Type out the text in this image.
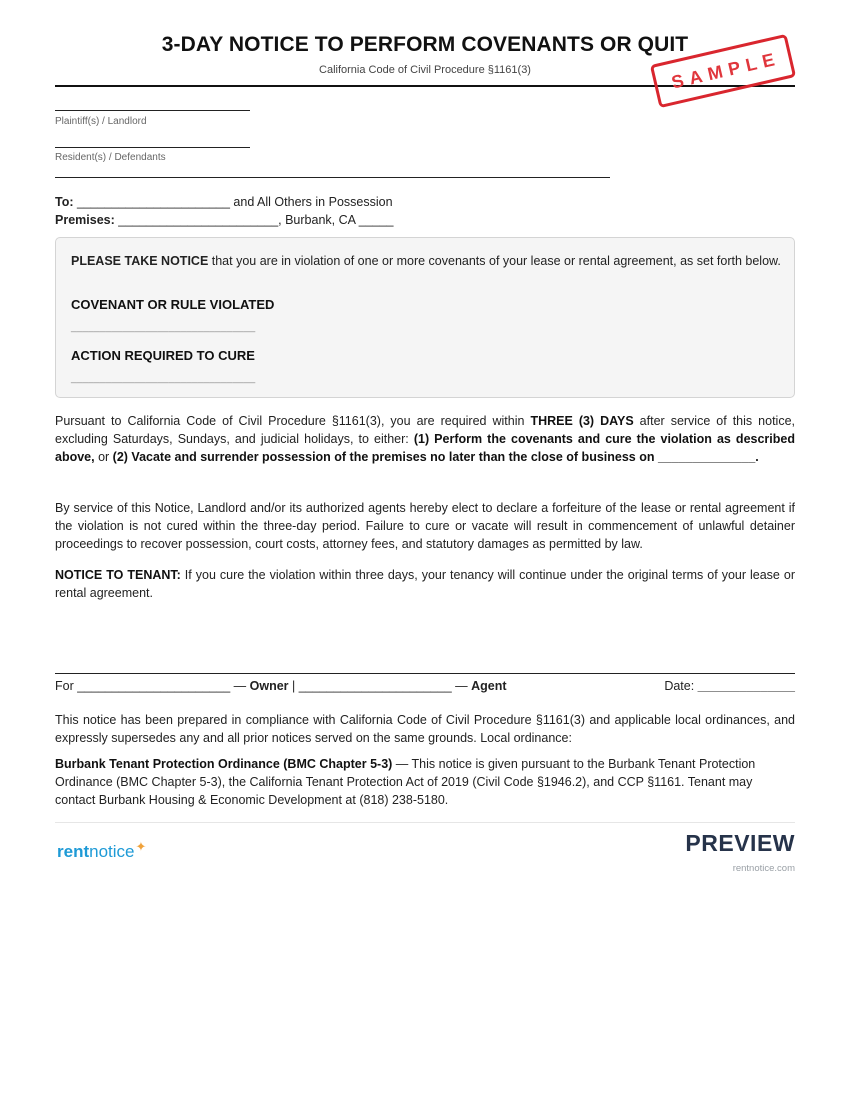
3-DAY NOTICE TO PERFORM COVENANTS OR QUIT
California Code of Civil Procedure §1161(3)	SAMPLE
Plaintiff(s) / Landlord
Resident(s) / Defendants
To: ______________________ and All Others in Possession
Premises: _______________________, Burbank, CA _____
PLEASE TAKE NOTICE that you are in violation of one or more covenants of your lease or rental agreement, as set forth below.
COVENANT OR RULE VIOLATED
________________________________
ACTION REQUIRED TO CURE
________________________________
Pursuant to California Code of Civil Procedure §1161(3), you are required within THREE (3) DAYS after service of this notice, excluding Saturdays, Sundays, and judicial holidays, to either: (1) Perform the covenants and cure the violation as described above, or (2) Vacate and surrender possession of the premises no later than the close of business on ______________.
By service of this Notice, Landlord and/or its authorized agents hereby elect to declare a forfeiture of the lease or rental agreement if the violation is not cured within the three-day period. Failure to cure or vacate will result in commencement of unlawful detainer proceedings to recover possession, court costs, attorney fees, and statutory damages as permitted by law.
NOTICE TO TENANT: If you cure the violation within three days, your tenancy will continue under the original terms of your lease or rental agreement.
For ______________________ — Owner | ______________________ — Agent	Date: ______________
This notice has been prepared in compliance with California Code of Civil Procedure §1161(3) and applicable local ordinances, and expressly supersedes any and all prior notices served on the same grounds. Local ordinance:
Burbank Tenant Protection Ordinance (BMC Chapter 5-3) — This notice is given pursuant to the Burbank Tenant Protection Ordinance (BMC Chapter 5-3), the California Tenant Protection Act of 2019 (Civil Code §1946.2), and CCP §1161. Tenant may contact Burbank Housing & Economic Development at (818) 238-5180.
rentnotice✦	PREVIEW
rentnotice.com
